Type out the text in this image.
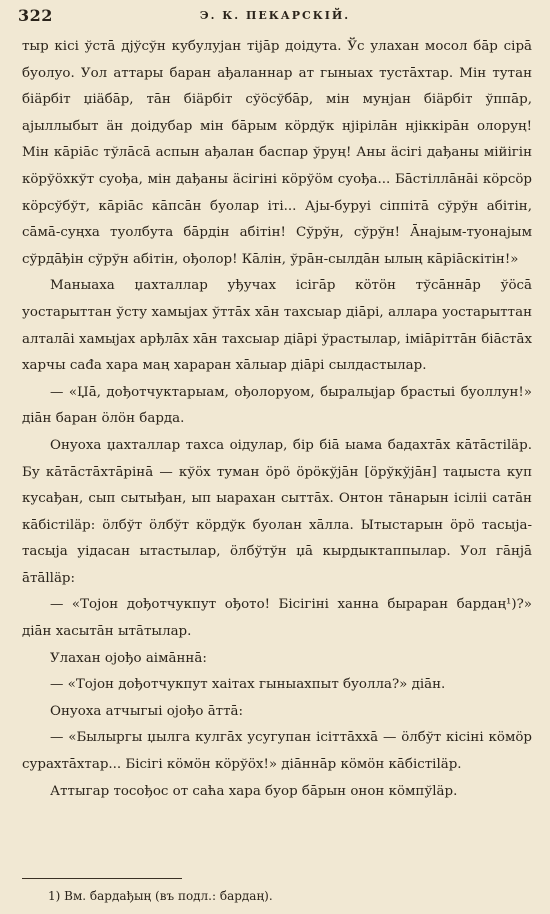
322	Э. К. ПЕКАРСКІЙ.

тыр кісі ўстā дјўсўн кубулујан тіjāр доідута. Ўс улахан мосол бāр сірā буолуо. Уол аттары баран ађаланнар ат гыныах тустāхтар. Мін тутан біäрбіт џiäбāр, тāн біäрбіт сўöсўбāр, мін мунјан біäрбіт ўппāр, аjыллыбыт äн доідубар мін бāрым кöрдўк нјірілāн нјіккірāн олоруң! Мін кāріāс тўлāсā аспын ађалан баспар ўруң! Аны äсігі дађаны мійігін кöрўöхкўт суођа, мін дађаны äсігіні кöрўöм суођа... Бāстіллāнāі кöрсöр кöрсўбўт, кāріāс кāпсāн буолар іті... Аjы-буруі сіппітā сўрўн абітін, сāмā-суңха туолбута бāрдін абітін! Сўрўн, сўрўн! Āнаjым-туонаjым сўрдāђін сўрўн абітін, ођолор! Кāлін, ўрāн-сылдāн ылың кāріāскітін!»

Маныаха џахталлар уђучах ісігāр кöтöн тўсāннāр ўöсā уостарыттан ўсту хамыjах ўттāх хāн тахсыар діāрі, аллара уостарыттан алталāі хамыjах арђлāх хāн тахсыар діāрі ўрастылар, іміāріттāн біāстāх харчы саđа хара маң хараран хāлыар діāрі сылдастылар.

— «Џā, дођотчуктарыам, ођолоруом, быралыjар брастыі буоллун!» діāн баран öлöн барда.

Онуоха џахталлар тахса оідулар, бір біā ыама бадахтāх кāтāстіläр. Бу кāтāстāхтāрінā — кўöх туман öрö öрöкўjāн [öрўкўjāн] таџыста куп кусађан, сып сытыђан, ып ыарахан сыттāх. Онтон тāнарын ісіліі сатāн кāбістіläр: öлбўт öлбўт кöрдўк буолан хāлла. Ытыстарын öрö тасыја-тасыја уідасан ытастылар, öлбўтўн џā кырдыктаппылар. Уол гāнјā āтālläр:

— «Тојон дођотчукпут ођото! Бісігіні ханна быраран бардаң¹)?» діāн хасытāн ытāтылар.

Улахан ојођо аімāннā:

— «Тојон дођотчукпут хаітах гыныахпыт буолла?» діāн.

Онуоха атчыгыі ојођо āттā:

— «Былыргы џылга кулгāх усугупан ісіттāххā — öлбўт кісіні кöмöр сурахтāхтар... Бісігі кöмöн кöрўöх!» діāннāр кöмöн кāбістіläр.

Аттыгар тосођос от саћа хара буор бāрын онон кöмпўläр.

1) Вм. бардађың (въ подл.: бардаң).
